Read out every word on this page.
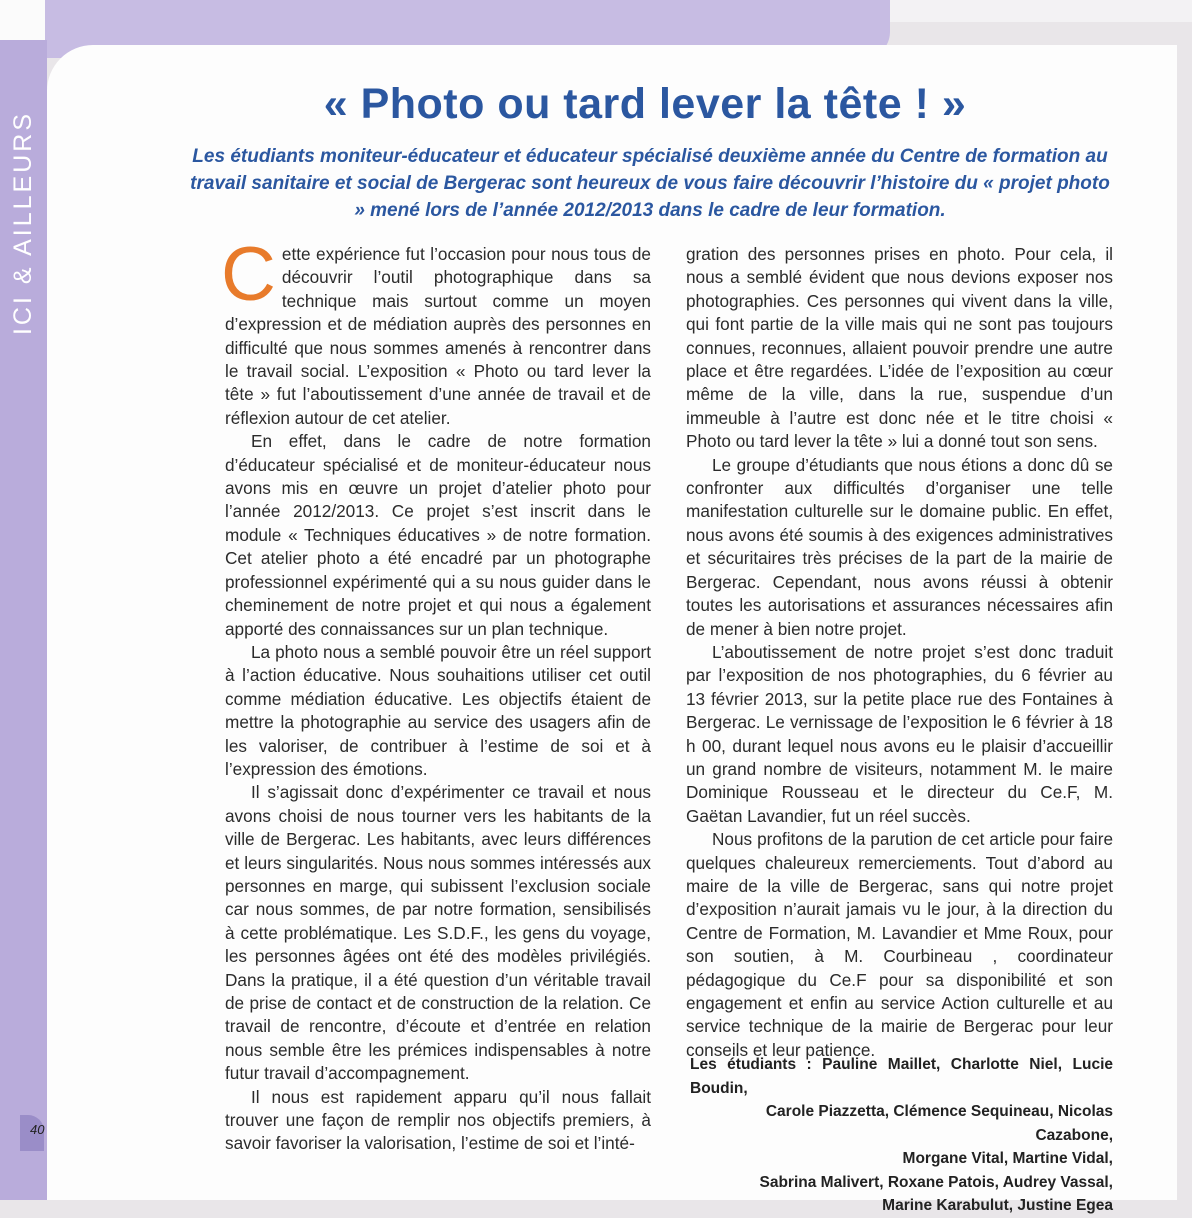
ICI & AILLEURS
40
« Photo ou tard lever la tête ! »

Les étudiants moniteur-éducateur et éducateur spécialisé deuxième année du Centre de formation au travail sanitaire et social de Bergerac sont heureux de vous faire découvrir l’histoire du « projet photo » mené lors de l’année 2012/2013 dans le cadre de leur formation.

C ette expérience fut l’occasion pour nous tous de découvrir l’outil photographique dans sa technique mais surtout comme un moyen d’expression et de médiation auprès des personnes en difficulté que nous sommes amenés à rencontrer dans le travail social. L’exposition « Photo ou tard lever la tête » fut l’aboutissement d’une année de travail et de réflexion autour de cet atelier.

En effet, dans le cadre de notre formation d’éducateur spécialisé et de moniteur-éducateur nous avons mis en œuvre un projet d’atelier photo pour l’année 2012/2013. Ce projet s’est inscrit dans le module « Techniques éducatives » de notre formation. Cet atelier photo a été encadré par un photographe professionnel expérimenté qui a su nous guider dans le cheminement de notre projet et qui nous a également apporté des connaissances sur un plan technique.

La photo nous a semblé pouvoir être un réel support à l’action éducative. Nous souhaitions utiliser cet outil comme médiation éducative. Les objectifs étaient de mettre la photographie au service des usagers afin de les valoriser, de contribuer à l’estime de soi et à l’expression des émotions.

Il s’agissait donc d’expérimenter ce travail et nous avons choisi de nous tourner vers les habitants de la ville de Bergerac. Les habitants, avec leurs différences et leurs singularités. Nous nous sommes intéressés aux personnes en marge, qui subissent l’exclusion sociale car nous sommes, de par notre formation, sensibilisés à cette problématique. Les S.D.F., les gens du voyage, les personnes âgées ont été des modèles privilégiés. Dans la pratique, il a été question d’un véritable travail de prise de contact et de construction de la relation. Ce travail de rencontre, d’écoute et d’entrée en relation nous semble être les prémices indispensables à notre futur travail d’accompagnement.

Il nous est rapidement apparu qu’il nous fallait trouver une façon de remplir nos objectifs premiers, à savoir favoriser la valorisation, l’estime de soi et l’inté-

gration des personnes prises en photo. Pour cela, il nous a semblé évident que nous devions exposer nos photographies. Ces personnes qui vivent dans la ville, qui font partie de la ville mais qui ne sont pas toujours connues, reconnues, allaient pouvoir prendre une autre place et être regardées. L’idée de l’exposition au cœur même de la ville, dans la rue, suspendue d’un immeuble à l’autre est donc née et le titre choisi « Photo ou tard lever la tête » lui a donné tout son sens.

Le groupe d’étudiants que nous étions a donc dû se confronter aux difficultés d’organiser une telle manifestation culturelle sur le domaine public. En effet, nous avons été soumis à des exigences administratives et sécuritaires très précises de la part de la mairie de Bergerac. Cependant, nous avons réussi à obtenir toutes les autorisations et assurances nécessaires afin de mener à bien notre projet.

L’aboutissement de notre projet s’est donc traduit par l’exposition de nos photographies, du 6 février au 13 février 2013, sur la petite place rue des Fontaines à Bergerac. Le vernissage de l’exposition le 6 février à 18 h 00, durant lequel nous avons eu le plaisir d’accueillir un grand nombre de visiteurs, notamment M. le maire Dominique Rousseau et le directeur du Ce.F, M. Gaëtan Lavandier, fut un réel succès.

Nous profitons de la parution de cet article pour faire quelques chaleureux remerciements. Tout d’abord au maire de la ville de Bergerac, sans qui notre projet d’exposition n’aurait jamais vu le jour, à la direction du Centre de Formation, M. Lavandier et Mme Roux, pour son soutien, à M. Courbineau , coordinateur pédagogique du Ce.F pour sa disponibilité et son engagement et enfin au service Action culturelle et au service technique de la mairie de Bergerac pour leur conseils et leur patience.

Les étudiants : Pauline Maillet, Charlotte Niel, Lucie Boudin,
Carole Piazzetta, Clémence Sequineau, Nicolas Cazabone,
Morgane Vital, Martine Vidal,
Sabrina Malivert, Roxane Patois, Audrey Vassal,
Marine Karabulut, Justine Egea
